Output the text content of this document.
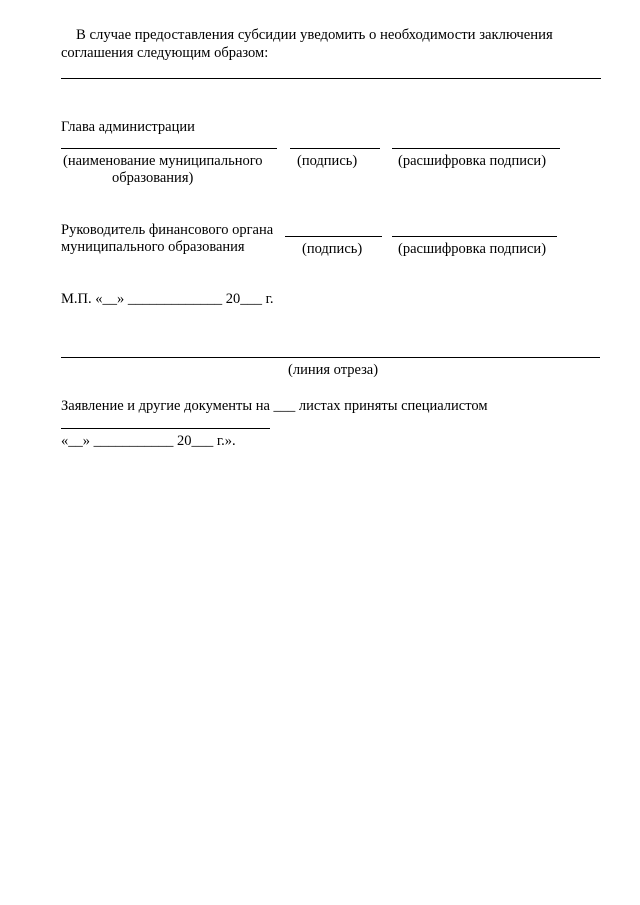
В случае предоставления субсидии уведомить о необходимости заключения
соглашения следующим образом:
Глава администрации
(наименование муниципального
образования)
(подпись)	(расшифровка подписи)
Руководитель финансового органа
муниципального образования	(подпись) (расшифровка подписи)
М.П. «__» _____________ 20___ г.
(линия отреза)
Заявление и другие документы на ___ листах приняты специалистом
«__» ___________ 20___ г.».
